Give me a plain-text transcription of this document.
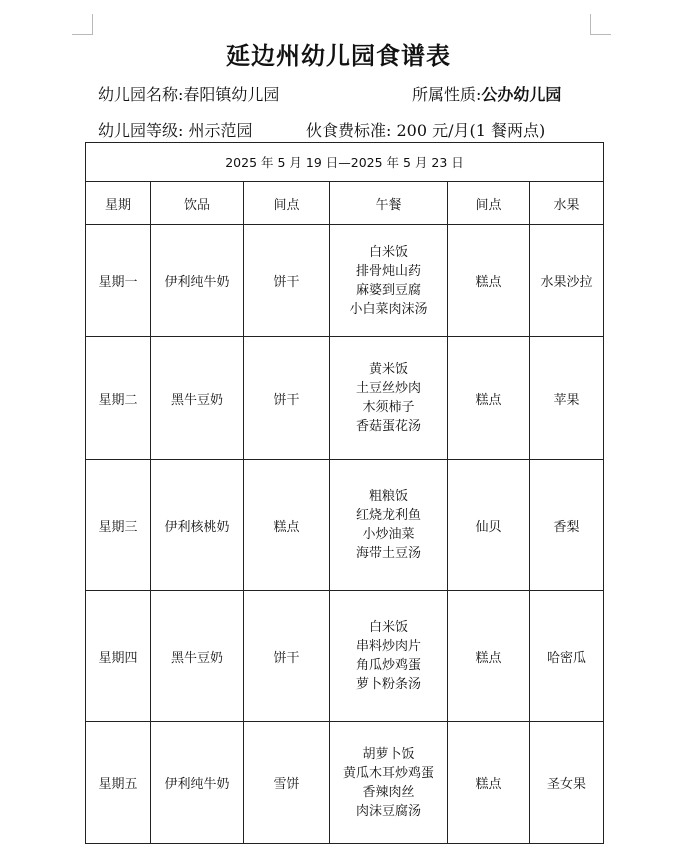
延边州幼儿园食谱表
幼儿园名称:春阳镇幼儿园	所属性质:公办幼儿园
幼儿园等级: 州示范园	伙食费标准: 200 元/月(1 餐两点)
2025 年 5 月 19 日—2025 年 5 月 23 日					
星期	饮品	间点	午餐	间点	水果
星期一	伊利纯牛奶	饼干	白米饭
排骨炖山药
麻婆到豆腐
小白菜肉沫汤	糕点	水果沙拉
星期二	黑牛豆奶	饼干	黄米饭
土豆丝炒肉
木须柿子
香菇蛋花汤	糕点	苹果
星期三	伊利核桃奶	糕点	粗粮饭
红烧龙利鱼
小炒油菜
海带土豆汤	仙贝	香梨
星期四	黑牛豆奶	饼干	白米饭
串料炒肉片
角瓜炒鸡蛋
萝卜粉条汤	糕点	哈密瓜
星期五	伊利纯牛奶	雪饼	胡萝卜饭
黄瓜木耳炒鸡蛋
香辣肉丝
肉沫豆腐汤	糕点	圣女果
